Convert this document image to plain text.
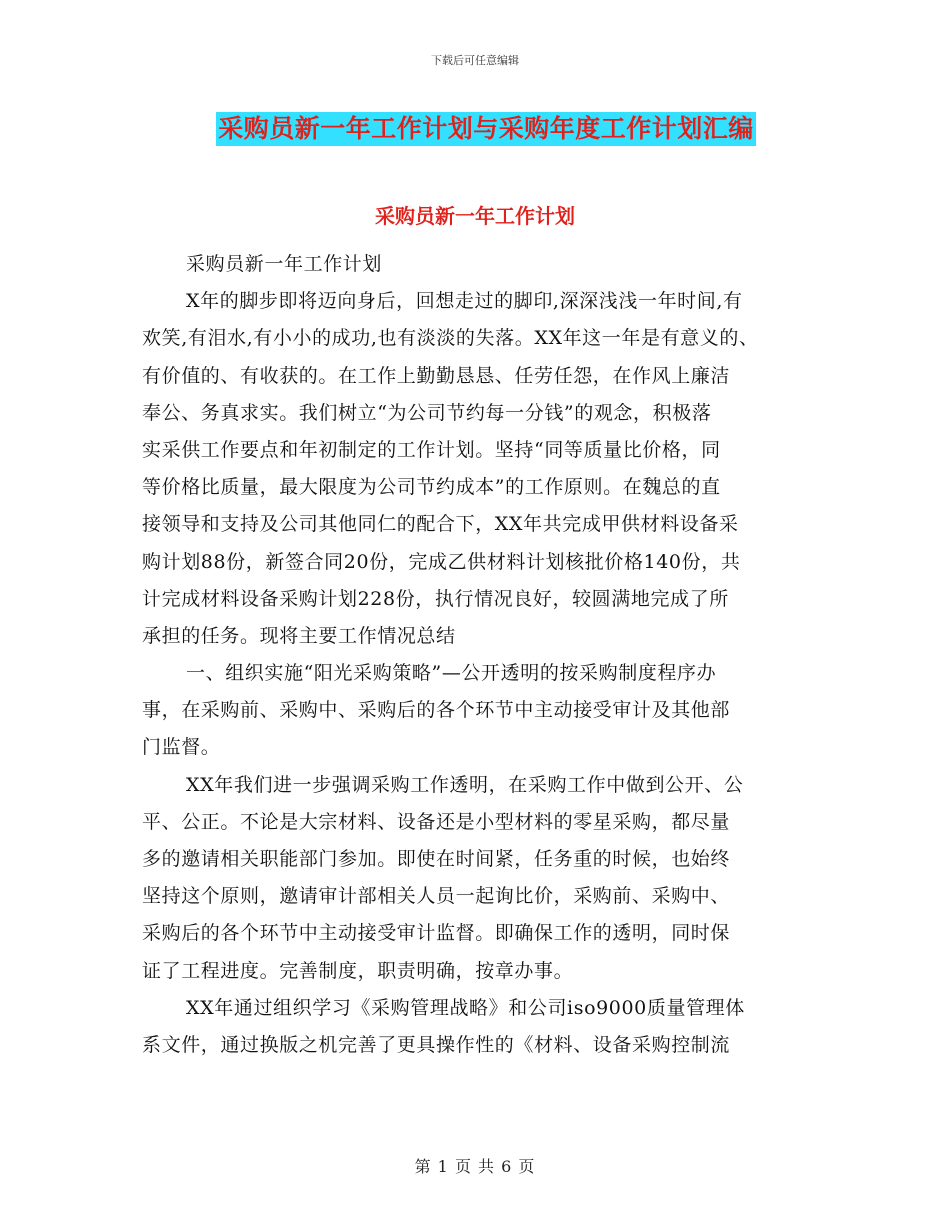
下载后可任意编辑
采购员新一年工作计划与采购年度工作计划汇编
采购员新一年工作计划
采购员新一年工作计划
X年的脚步即将迈向身后，回想走过的脚印,深深浅浅一年时间,有
欢笑,有泪水,有小小的成功,也有淡淡的失落。XX年这一年是有意义的、
有价值的、有收获的。在工作上勤勤恳恳、任劳任怨，在作风上廉洁
奉公、务真求实。我们树立“为公司节约每一分钱”的观念，积极落
实采供工作要点和年初制定的工作计划。坚持“同等质量比价格，同
等价格比质量，最大限度为公司节约成本”的工作原则。在魏总的直
接领导和支持及公司其他同仁的配合下，XX年共完成甲供材料设备采
购计划88份，新签合同20份，完成乙供材料计划核批价格140份，共
计完成材料设备采购计划228份，执行情况良好，较圆满地完成了所
承担的任务。现将主要工作情况总结
一、组织实施“阳光采购策略”—公开透明的按采购制度程序办
事，在采购前、采购中、采购后的各个环节中主动接受审计及其他部
门监督。
XX年我们进一步强调采购工作透明，在采购工作中做到公开、公
平、公正。不论是大宗材料、设备还是小型材料的零星采购，都尽量
多的邀请相关职能部门参加。即使在时间紧，任务重的时候，也始终
坚持这个原则，邀请审计部相关人员一起询比价，采购前、采购中、
采购后的各个环节中主动接受审计监督。即确保工作的透明，同时保
证了工程进度。完善制度，职责明确，按章办事。
XX年通过组织学习《采购管理战略》和公司iso9000质量管理体
系文件，通过换版之机完善了更具操作性的《材料、设备采购控制流
第 1 页 共 6 页
